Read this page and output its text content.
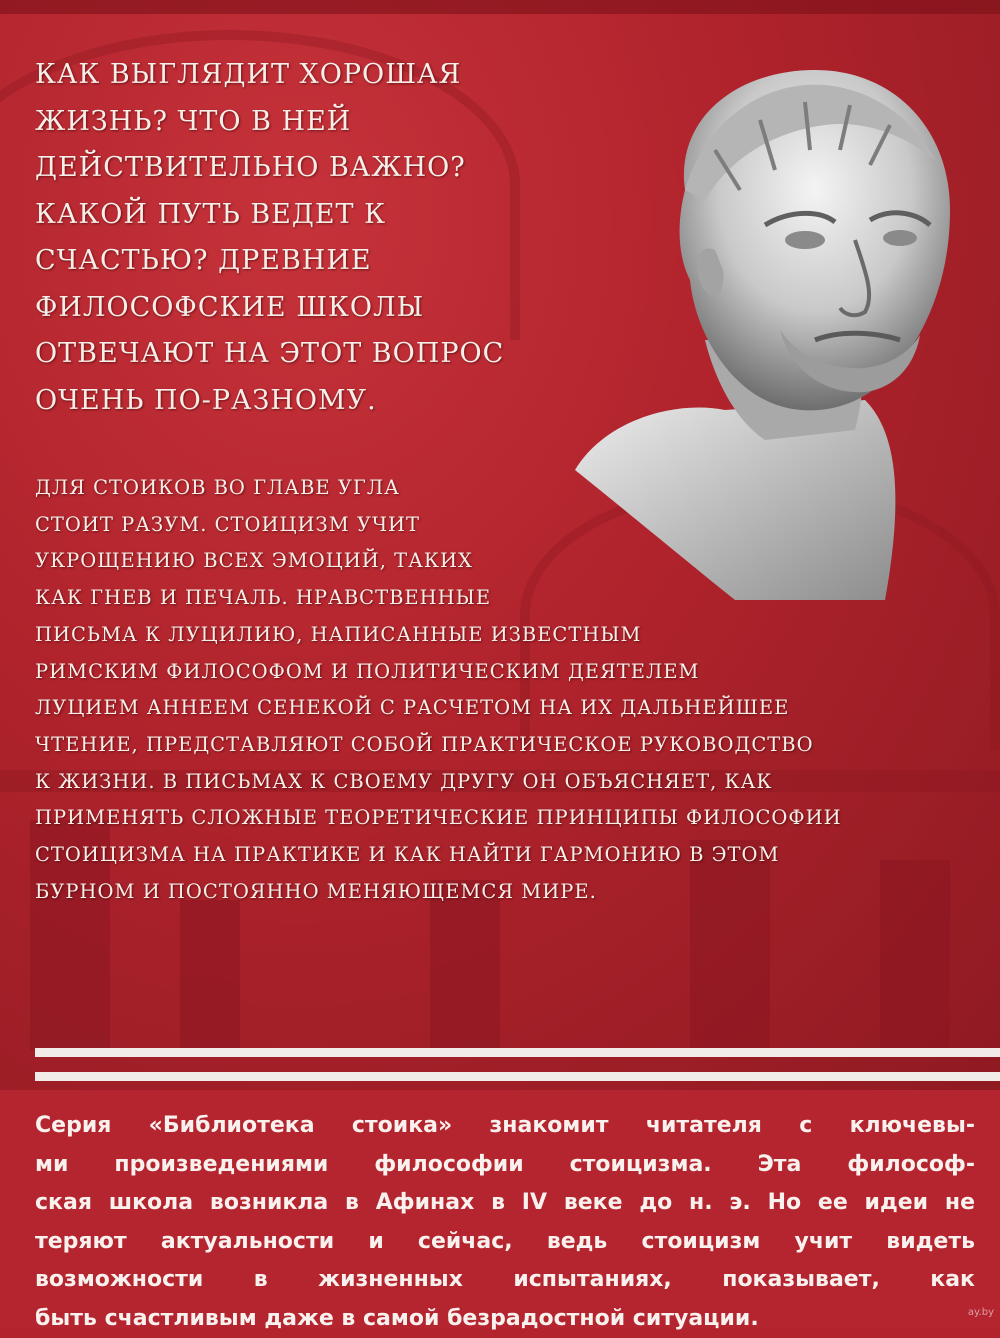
КАК ВЫГЛЯДИТ ХОРОШАЯ
ЖИЗНЬ? ЧТО В НЕЙ
ДЕЙСТВИТЕЛЬНО ВАЖНО?
КАКОЙ ПУТЬ ВЕДЕТ К
СЧАСТЬЮ? ДРЕВНИЕ
ФИЛОСОФСКИЕ ШКОЛЫ
ОТВЕЧАЮТ НА ЭТОТ ВОПРОС
ОЧЕНЬ ПО-РАЗНОМУ.
ДЛЯ СТОИКОВ ВО ГЛАВЕ УГЛА
СТОИТ РАЗУМ. СТОИЦИЗМ УЧИТ
УКРОЩЕНИЮ ВСЕХ ЭМОЦИЙ, ТАКИХ
КАК ГНЕВ И ПЕЧАЛЬ. НРАВСТВЕННЫЕ
ПИСЬМА К ЛУЦИЛИЮ, НАПИСАННЫЕ ИЗВЕСТНЫМ
РИМСКИМ ФИЛОСОФОМ И ПОЛИТИЧЕСКИМ ДЕЯТЕЛЕМ
ЛУЦИЕМ АННЕЕМ СЕНЕКОЙ С РАСЧЕТОМ НА ИХ ДАЛЬНЕЙШЕЕ
ЧТЕНИЕ, ПРЕДСТАВЛЯЮТ СОБОЙ ПРАКТИЧЕСКОЕ РУКОВОДСТВО
К ЖИЗНИ. В ПИСЬМАХ К СВОЕМУ ДРУГУ ОН ОБЪЯСНЯЕТ, КАК
ПРИМЕНЯТЬ СЛОЖНЫЕ ТЕОРЕТИЧЕСКИЕ ПРИНЦИПЫ ФИЛОСОФИИ
СТОИЦИЗМА НА ПРАКТИКЕ И КАК НАЙТИ ГАРМОНИЮ В ЭТОМ
БУРНОМ И ПОСТОЯННО МЕНЯЮЩЕМСЯ МИРЕ.
Серия «Библиотека стоика» знакомит читателя с ключевы-
ми произведениями философии стоицизма. Эта философ-
ская школа возникла в Афинах в IV веке до н. э. Но ее идеи не
теряют актуальности и сейчас, ведь стоицизм учит видеть
возможности в жизненных испытаниях, показывает, как
быть счастливым даже в самой безрадостной ситуации.	ay.by
